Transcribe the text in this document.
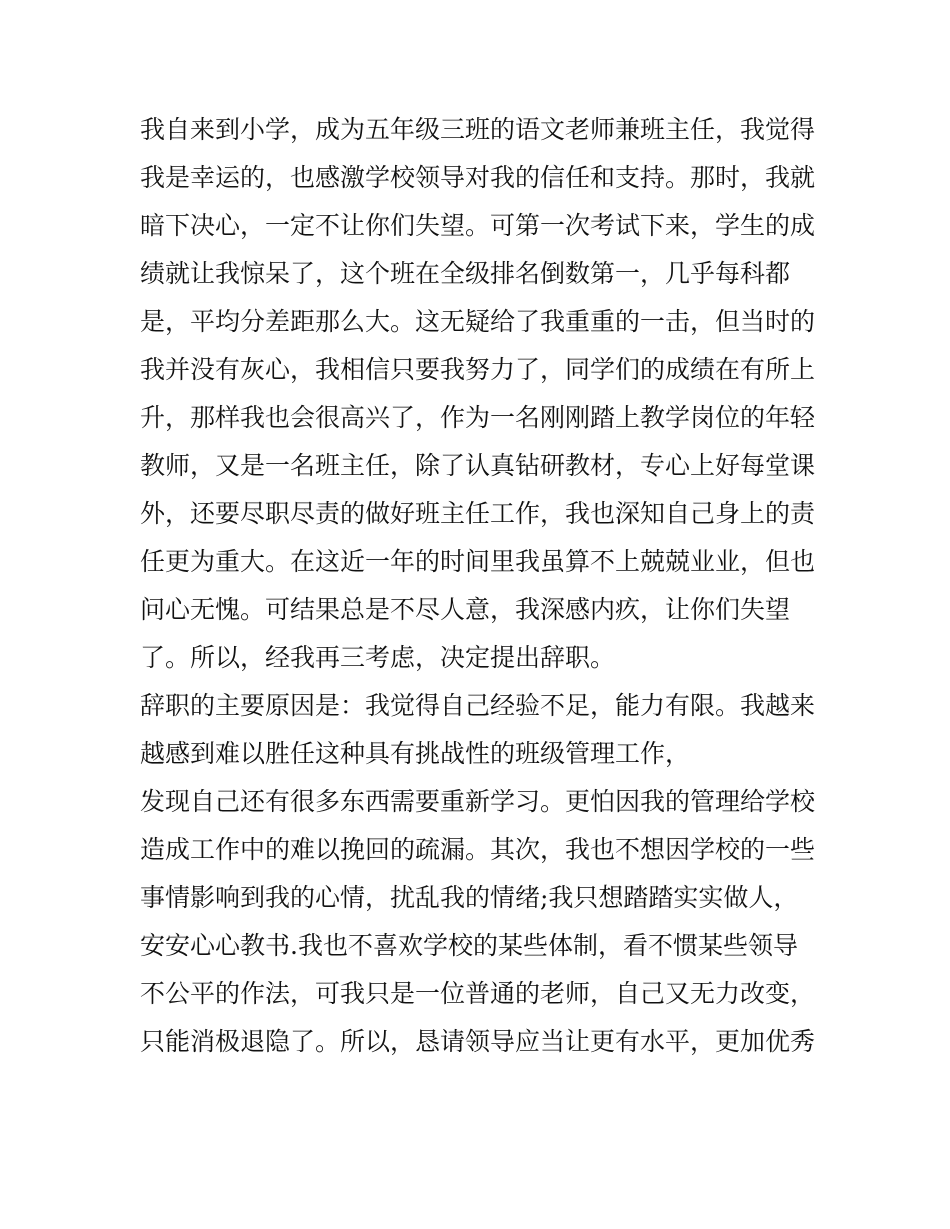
我自来到小学，成为五年级三班的语文老师兼班主任，我觉得
我是幸运的，也感激学校领导对我的信任和支持。那时，我就
暗下决心，一定不让你们失望。可第一次考试下来，学生的成
绩就让我惊呆了，这个班在全级排名倒数第一，几乎每科都
是，平均分差距那么大。这无疑给了我重重的一击，但当时的
我并没有灰心，我相信只要我努力了，同学们的成绩在有所上
升，那样我也会很高兴了，作为一名刚刚踏上教学岗位的年轻
教师，又是一名班主任，除了认真钻研教材，专心上好每堂课
外，还要尽职尽责的做好班主任工作，我也深知自己身上的责
任更为重大。在这近一年的时间里我虽算不上兢兢业业，但也
问心无愧。可结果总是不尽人意，我深感内疚，让你们失望
了。所以，经我再三考虑，决定提出辞职。
辞职的主要原因是：我觉得自己经验不足，能力有限。我越来
越感到难以胜任这种具有挑战性的班级管理工作，
发现自己还有很多东西需要重新学习。更怕因我的管理给学校
造成工作中的难以挽回的疏漏。其次，我也不想因学校的一些
事情影响到我的心情，扰乱我的情绪;我只想踏踏实实做人，
安安心心教书.我也不喜欢学校的某些体制，看不惯某些领导
不公平的作法，可我只是一位普通的老师，自己又无力改变，
只能消极退隐了。所以，恳请领导应当让更有水平，更加优秀
